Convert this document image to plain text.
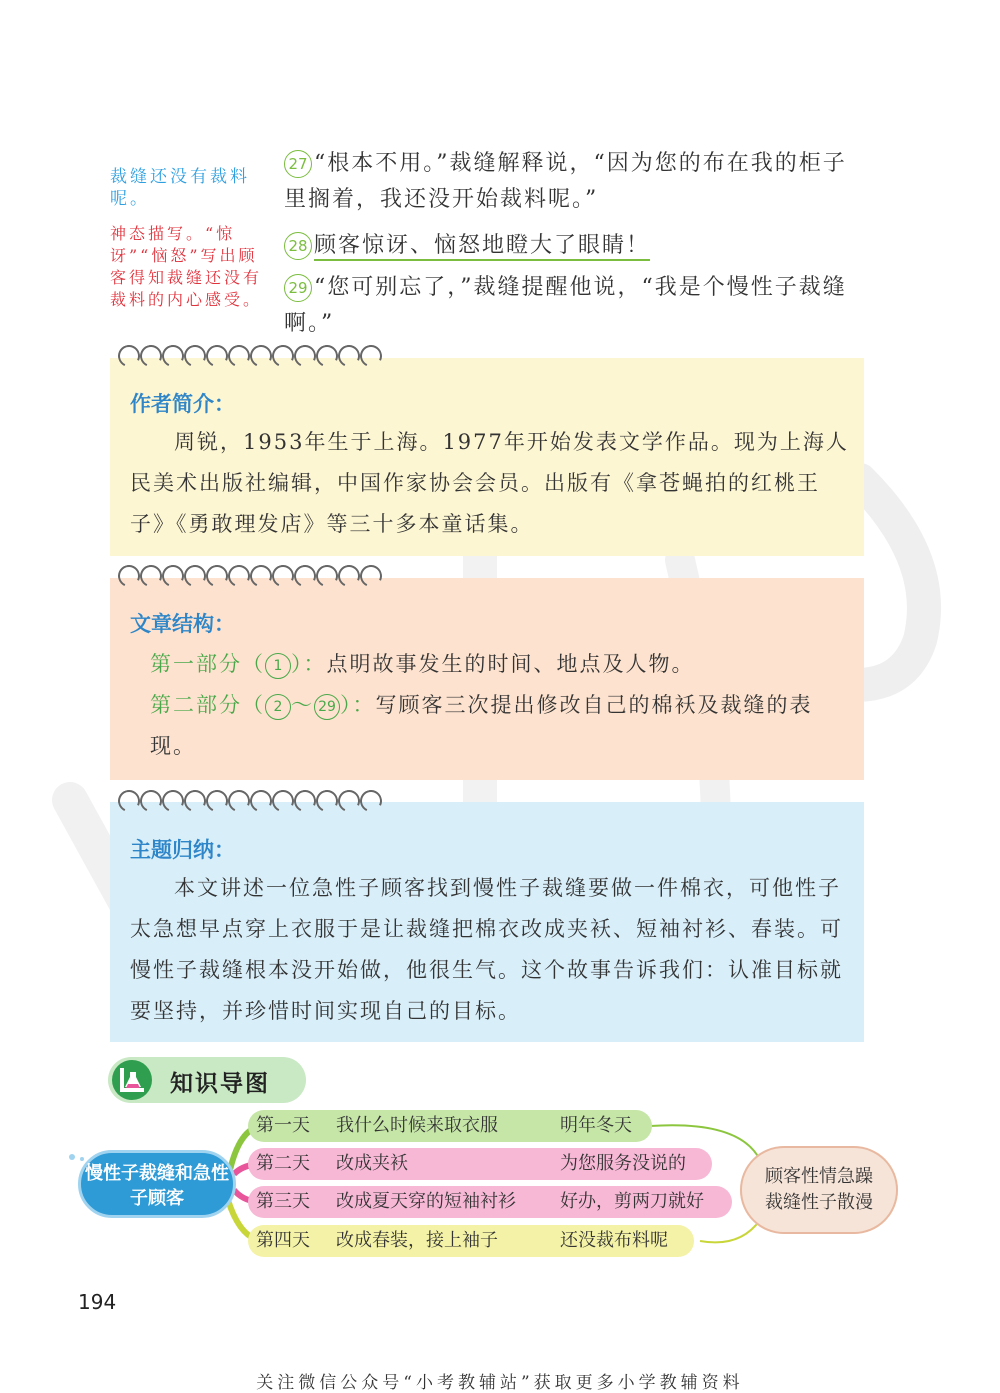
裁缝还没有裁料呢。
神态描写。“惊讶”“恼怒”写出顾客得知裁缝还没有裁料的内心感受。
27 “根本不用。”裁缝解释说，“因为您的布在我的柜子里搁着，我还没开始裁料呢。”
28 顾客惊讶、恼怒地瞪大了眼睛！
29 “您可别忘了，”裁缝提醒他说，“我是个慢性子裁缝啊。”
作者简介：
周锐，1953年生于上海。1977年开始发表文学作品。现为上海人民美术出版社编辑，中国作家协会会员。出版有《拿苍蝇拍的红桃王子》《勇敢理发店》等三十多本童话集。
文章结构：
第一部分（ 1 ）：点明故事发生的时间、地点及人物。
第二部分（ 2 ～ 29 ）：写顾客三次提出修改自己的棉袄及裁缝的表现。
主题归纳：
本文讲述一位急性子顾客找到慢性子裁缝要做一件棉衣，可他性子太急想早点穿上衣服于是让裁缝把棉衣改成夹袄、短袖衬衫、春装。可慢性子裁缝根本没开始做，他很生气。这个故事告诉我们：认准目标就要坚持，并珍惜时间实现自己的目标。
知识导图
慢性子裁缝和急性子顾客
第一天 我什么时候来取衣服	明年冬天
第二天 改成夹袄	为您服务没说的
第三天 改成夏天穿的短袖衬衫 好办，剪两刀就好
第四天 改成春装，接上袖子	还没裁布料呢
顾客性情急躁
裁缝性子散漫
194
关注微信公众号“小考教辅站”获取更多小学教辅资料
